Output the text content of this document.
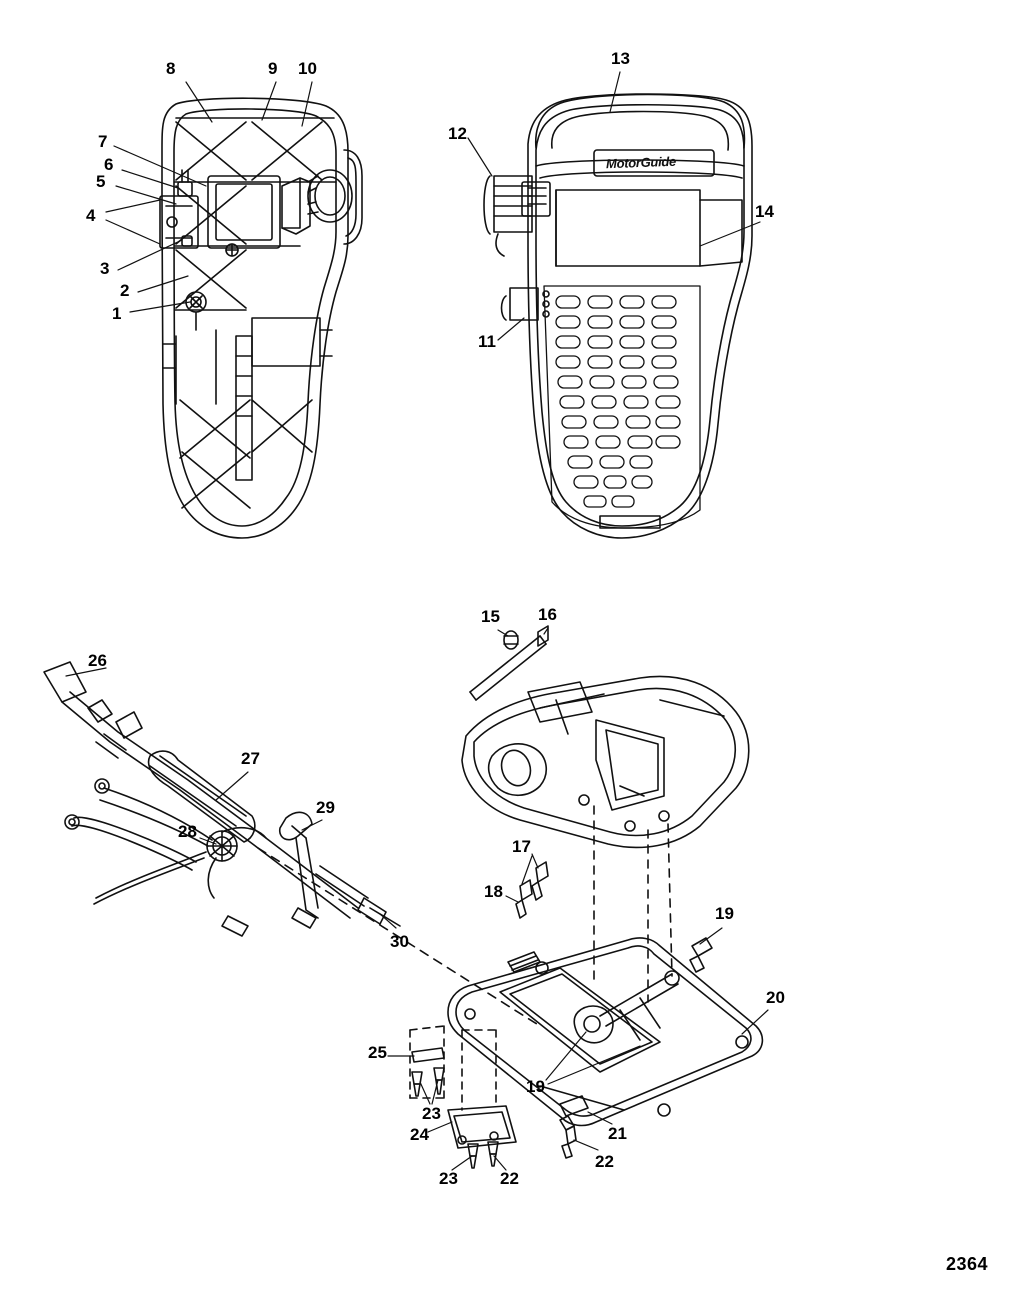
MotorGuide
1
2
3
4
5
6
7
8	9 10
11
12
13
14
15 16
17
18
19
19
20
21
22
22
23
23
24
25
26
27
28
29
30
2364
